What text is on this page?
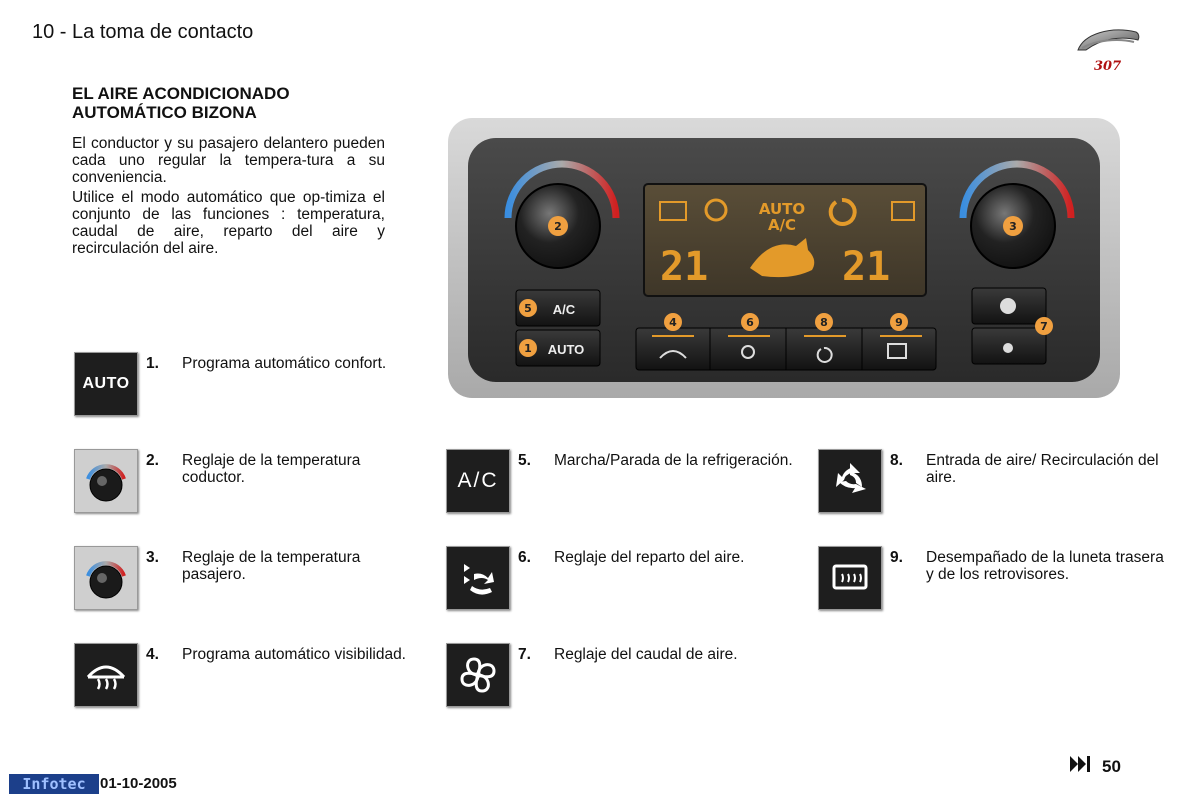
10 - La toma de contacto
307
EL AIRE ACONDICIONADO
AUTOMÁTICO BIZONA

El conductor y su pasajero delantero pueden cada uno regular la tempera-tura a su conveniencia.

Utilice el modo automático que op-timiza el conjunto de las funciones : temperatura, caudal de aire, reparto del aire y recirculación del aire.

AUTO
A/C
21	21
A/C
AUTO
2	3
5
1
4	6	8	9	7
AUTO
1. Programa automático confort.
2. Reglaje de la temperatura coductor.
3. Reglaje de la temperatura pasajero.
4. Programa automático visibilidad.
A/C
5. Marcha/Parada de la refrigeración.
6. Reglaje del reparto del aire.
7. Reglaje del caudal de aire.
8. Entrada de aire/ Recirculación del aire.
9. Desempañado de la luneta trasera y de los retrovisores.
50
Infotec 01-10-2005
